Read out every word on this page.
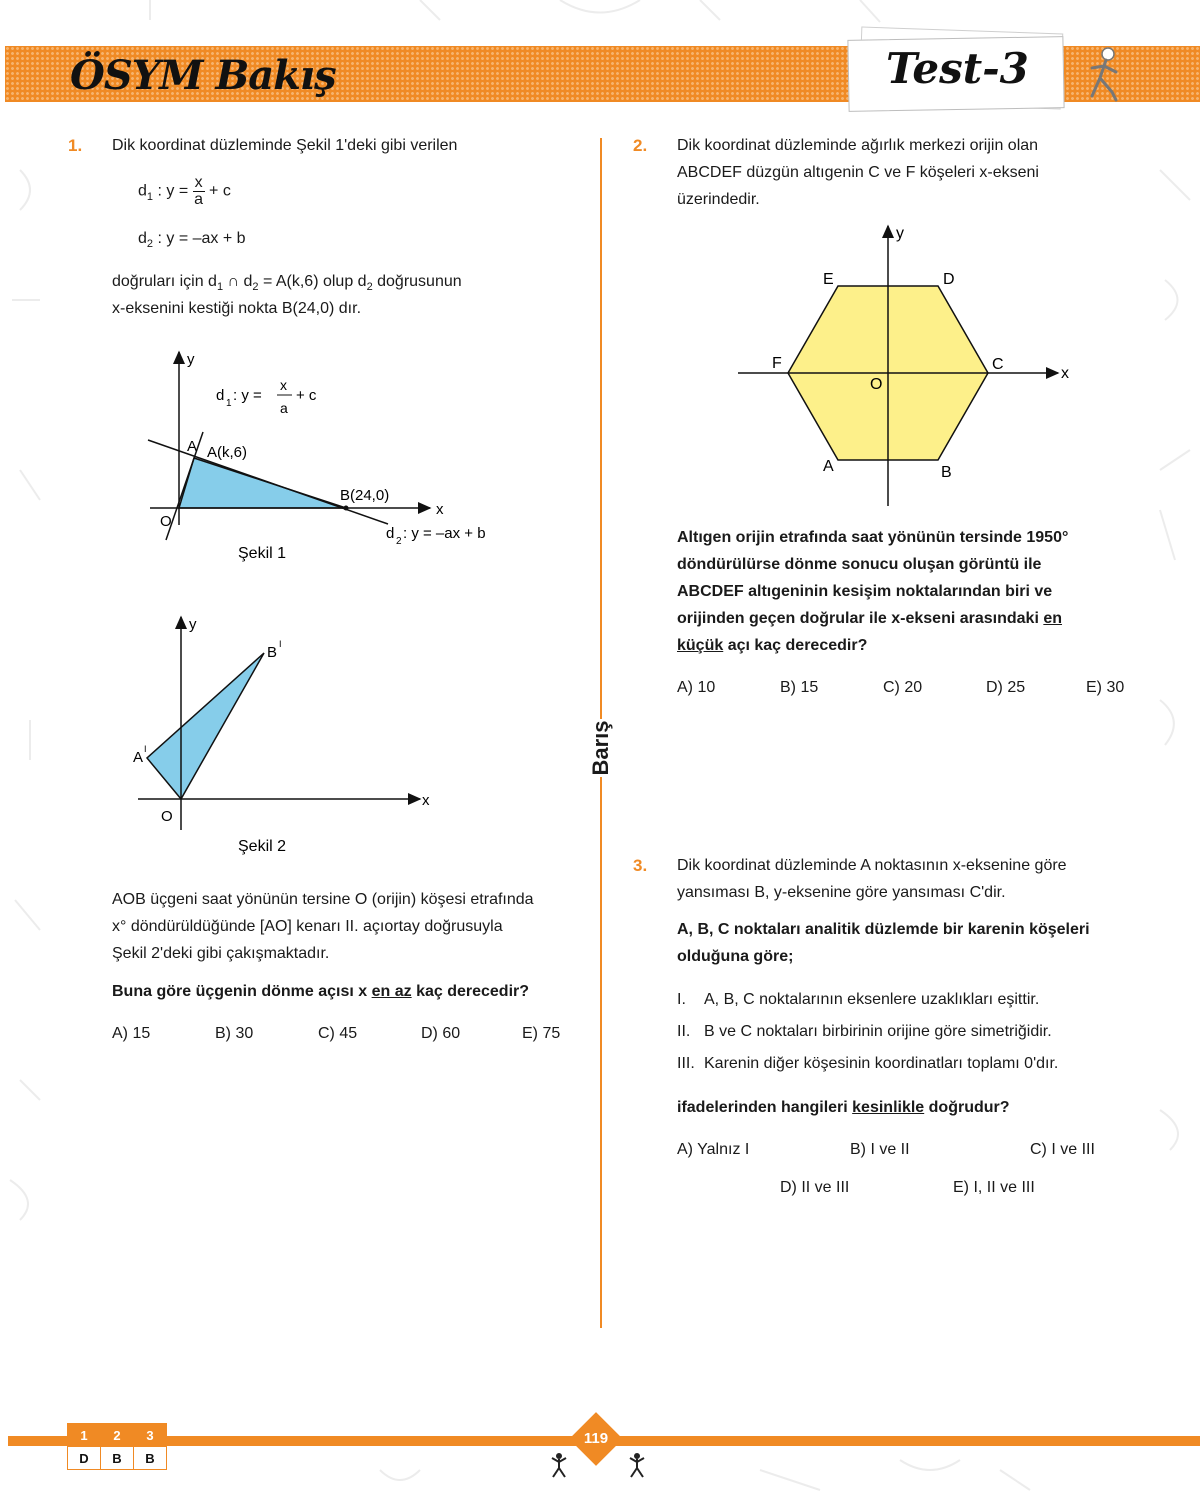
ÖSYM Bakış	Test-3
Barış
1. Dik koordinat düzleminde Şekil 1'deki gibi verilen
$d_1$ : $y = \frac{x}{a} + c$
$d_2$ : y = –ax + b
doğruları için $d_1$ ∩ $d_2 = A(k,6)$ olup $d_2$ doğrusunun
x-eksenini kestiği nokta B(24,0) dır.
y
x
O
A A(k,6)
B(24,0)
d 1 : y =
x
a
+ c
d 2 : y = –ax + b
Şekil 1
y
x
O
A I
B I
Şekil 2
AOB üçgeni saat yönünün tersine O (orijin) köşesi etrafında
x° döndürüldüğünde [AO] kenarı II. açıortay doğrusuyla
Şekil 2'deki gibi çakışmaktadır.
Buna göre üçgenin dönme açısı x en az kaç derecedir?
A) 15	B) 30	C) 45	D) 60	E) 75
2. Dik koordinat düzleminde ağırlık merkezi orijin olan
ABCDEF düzgün altıgenin C ve F köşeleri x-ekseni
üzerindedir.
y
x
O
A	B
C
D
E
F
Altıgen orijin etrafında saat yönünün tersinde 1950°
döndürülürse dönme sonucu oluşan görüntü ile
ABCDEF altıgeninin kesişim noktalarından biri ve
orijinden geçen doğrular ile x-ekseni arasındaki en
küçük açı kaç derecedir?
A) 10	B) 15	C) 20	D) 25	E) 30
3. Dik koordinat düzleminde A noktasının x-eksenine göre
yansıması B, y-eksenine göre yansıması C'dir.
A, B, C noktaları analitik düzlemde bir karenin köşeleri
olduğuna göre;
I. A, B, C noktalarının eksenlere uzaklıkları eşittir.
II. B ve C noktaları birbirinin orijine göre simetriğidir.
III. Karenin diğer köşesinin koordinatları toplamı 0'dır.
ifadelerinden hangileri kesinlikle doğrudur?
A) Yalnız I	B) I ve II	C) I ve III
D) II ve III	E) I, II ve III
1	2	3
D	B	B
119
